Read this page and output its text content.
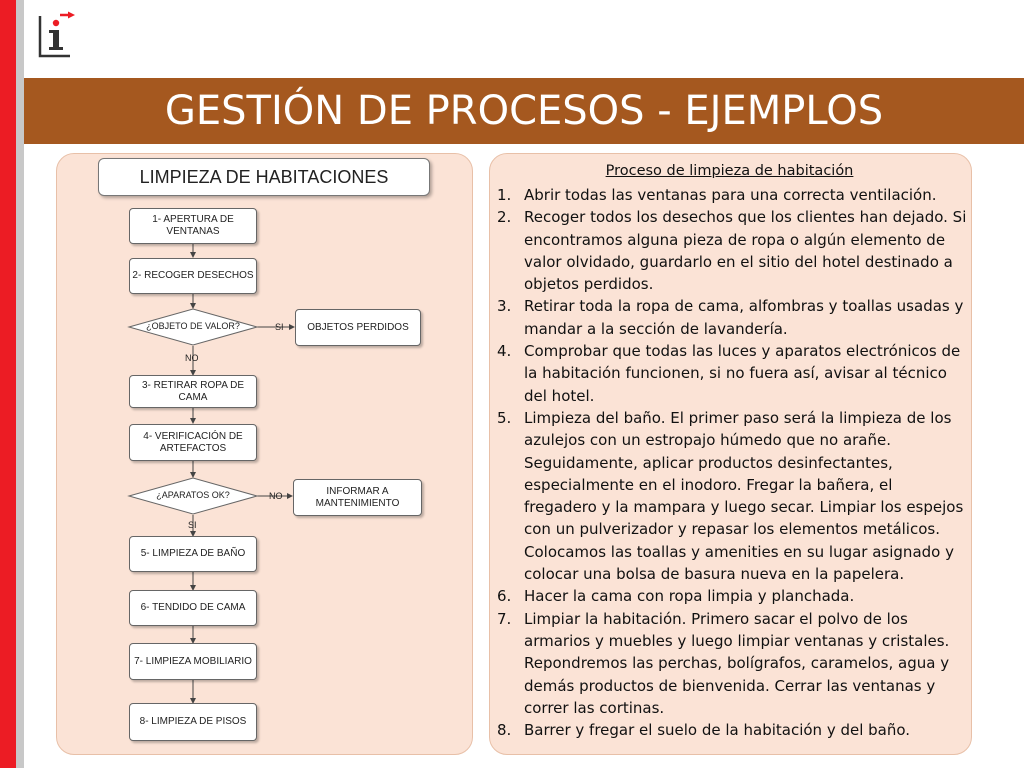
GESTIÓN DE PROCESOS - EJEMPLOS
LIMPIEZA DE HABITACIONES
1- APERTURA DE VENTANAS
2- RECOGER DESECHOS
¿OBJETO DE VALOR?	SI	OBJETOS PERDIDOS
NO
3- RETIRAR ROPA DE CAMA
4- VERIFICACIÓN DE ARTEFACTOS
¿APARATOS OK?	NO	INFORMAR A MANTENIMIENTO
SI
5- LIMPIEZA DE BAÑO
6- TENDIDO DE CAMA
7- LIMPIEZA MOBILIARIO
8- LIMPIEZA DE PISOS
Proceso de limpieza de habitación
1. Abrir todas las ventanas para una correcta ventilación.
2. Recoger todos los desechos que los clientes han dejado. Si encontramos alguna pieza de ropa o algún elemento de valor olvidado, guardarlo en el sitio del hotel destinado a objetos perdidos.
3. Retirar toda la ropa de cama, alfombras y toallas usadas y mandar a la sección de lavandería.
4. Comprobar que todas las luces y aparatos electrónicos de la habitación funcionen, si no fuera así, avisar al técnico del hotel.
5. Limpieza del baño. El primer paso será la limpieza de los azulejos con un estropajo húmedo que no arañe. Seguidamente, aplicar productos desinfectantes, especialmente en el inodoro. Fregar la bañera, el fregadero y la mampara y luego secar. Limpiar los espejos con un pulverizador y repasar los elementos metálicos. Colocamos las toallas y amenities en su lugar asignado y colocar una bolsa de basura nueva en la papelera.
6. Hacer la cama con ropa limpia y planchada.
7. Limpiar la habitación. Primero sacar el polvo de los armarios y muebles y luego limpiar ventanas y cristales. Repondremos las perchas, bolígrafos, caramelos, agua y demás productos de bienvenida. Cerrar las ventanas y correr las cortinas.
8. Barrer y fregar el suelo de la habitación y del baño.
